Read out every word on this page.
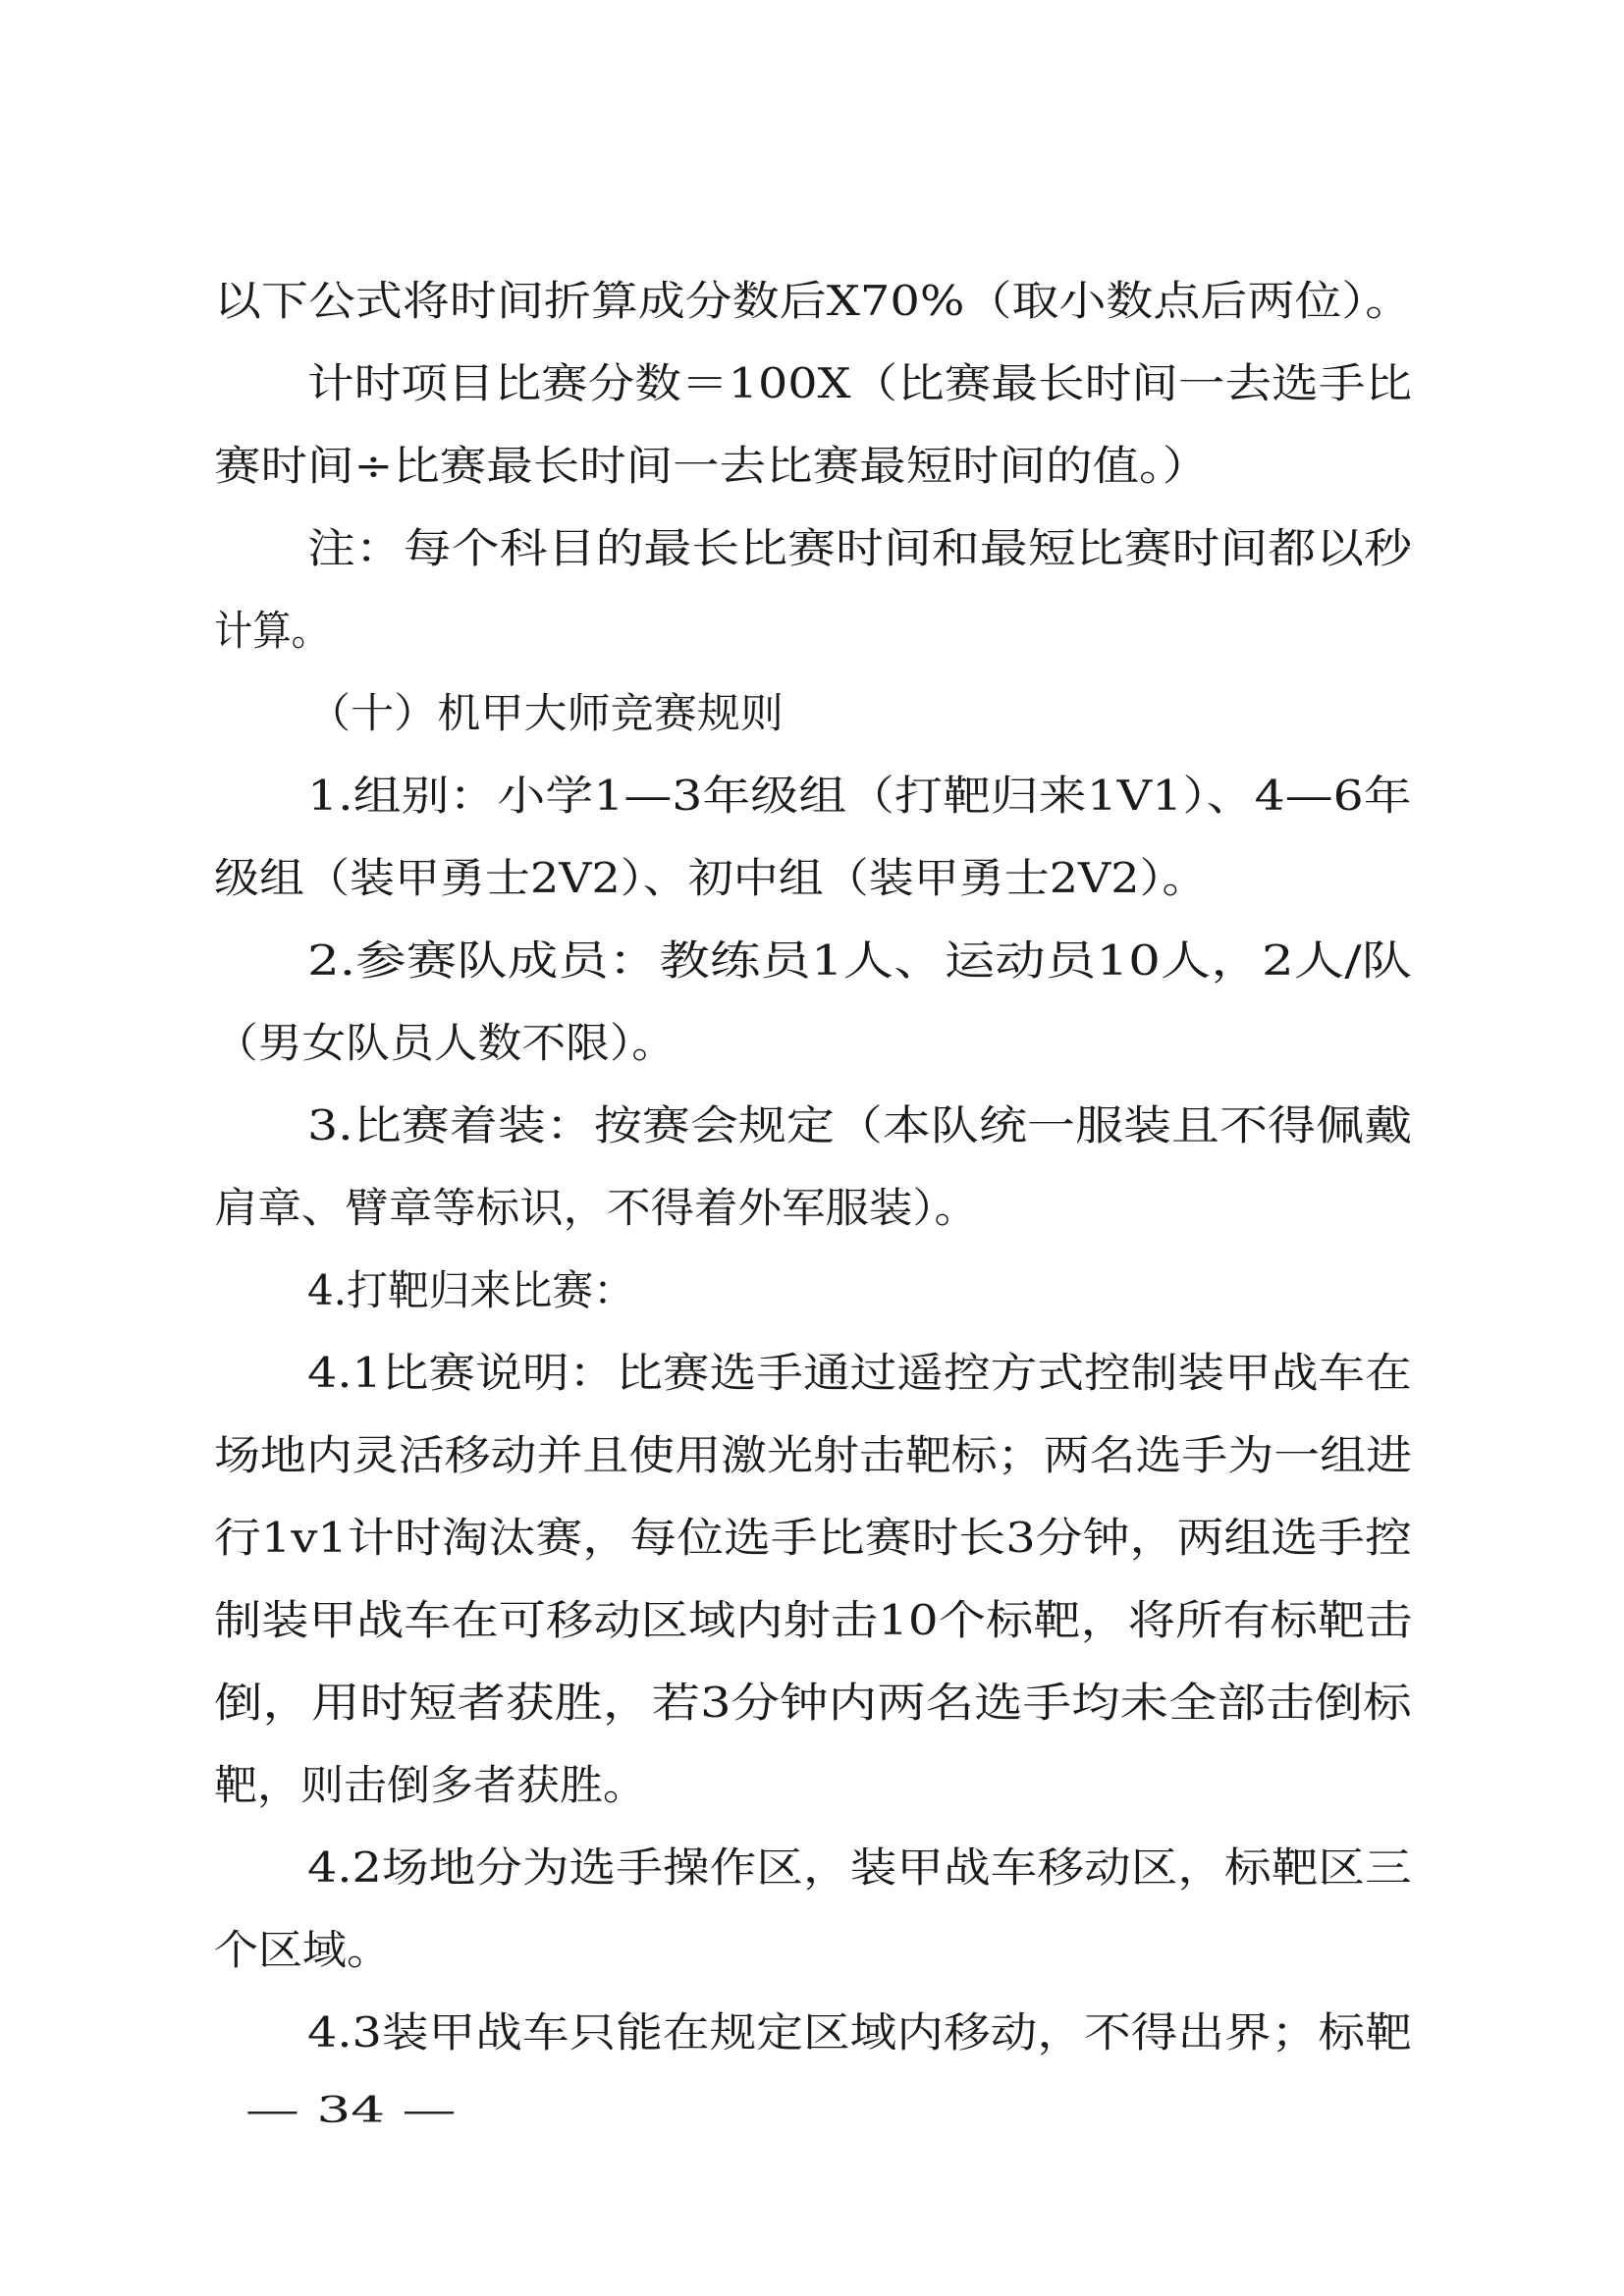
以下公式将时间折算成分数后X70%（取小数点后两位）。
计时项目比赛分数＝100X（比赛最长时间一去选手比
赛时间÷比赛最长时间一去比赛最短时间的值。）
注：每个科目的最长比赛时间和最短比赛时间都以秒
计算。
（十）机甲大师竞赛规则
1.组别：小学1—3年级组（打靶归来1V1）、4—6年
级组（装甲勇士2V2）、初中组（装甲勇士2V2）。
2.参赛队成员：教练员1人、运动员10人，2人/队
（男女队员人数不限）。
3.比赛着装：按赛会规定（本队统一服装且不得佩戴
肩章、臂章等标识，不得着外军服装）。
4.打靶归来比赛：
4.1比赛说明：比赛选手通过遥控方式控制装甲战车在
场地内灵活移动并且使用激光射击靶标；两名选手为一组进
行1v1计时淘汰赛，每位选手比赛时长3分钟，两组选手控
制装甲战车在可移动区域内射击10个标靶，将所有标靶击
倒，用时短者获胜，若3分钟内两名选手均未全部击倒标
靶，则击倒多者获胜。
4.2场地分为选手操作区，装甲战车移动区，标靶区三
个区域。
4.3装甲战车只能在规定区域内移动，不得出界；标靶
— 34 —
